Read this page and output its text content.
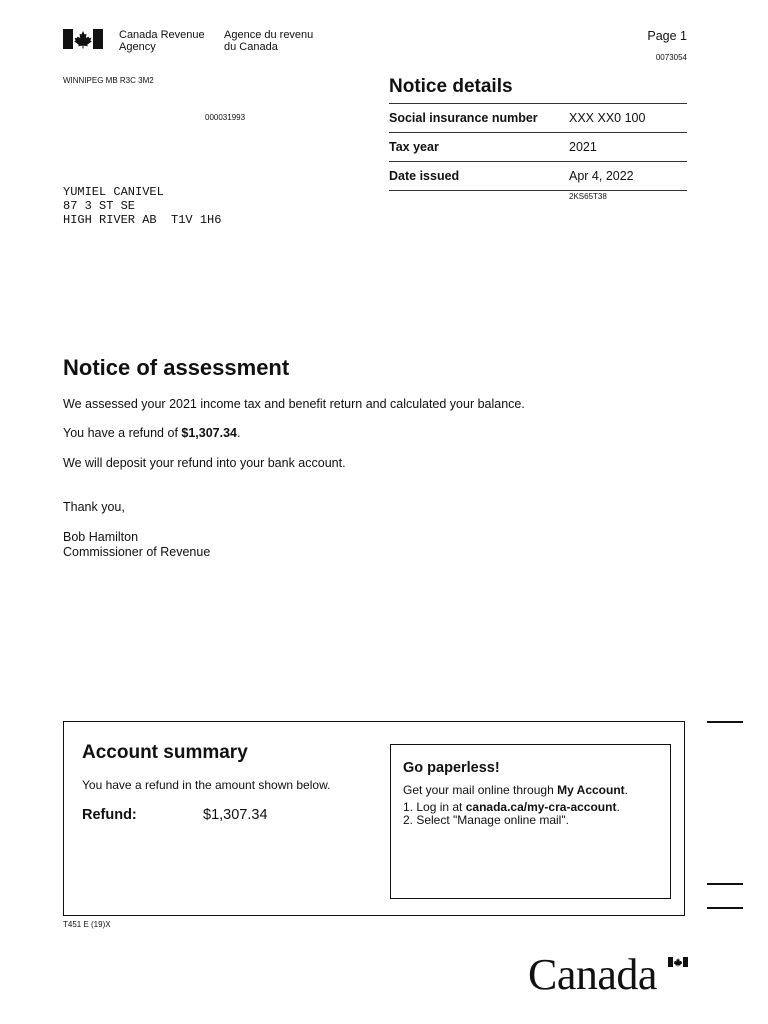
Canada Revenue
Agency
Agence du revenu
du Canada
Page 1
0073054
WINNIPEG MB R3C 3M2
000031993
YUMIEL CANIVEL
87 3 ST SE
HIGH RIVER AB  T1V 1H6
Notice details
Social insurance number	XXX XX0 100
Tax year	2021
Date issued	Apr 4, 2022
2KS65T38
Notice of assessment
We assessed your 2021 income tax and benefit return and calculated your balance.
You have a refund of $1,307.34.
We will deposit your refund into your bank account.
Thank you,
Bob Hamilton
Commissioner of Revenue
Account summary
You have a refund in the amount shown below.
Refund:	$1,307.34
Go paperless!
Get your mail online through My Account.
1. Log in at canada.ca/my-cra-account.
2. Select "Manage online mail".
T451 E (19)X
Canada
